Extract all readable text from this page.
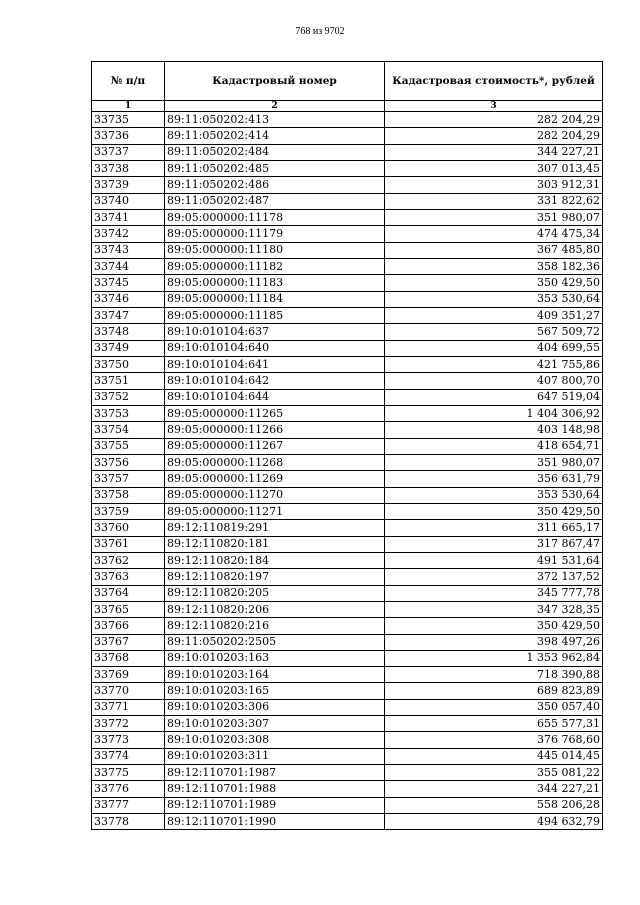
768 из 9702
№ п/п	Кадастровый номер	Кадастровая стоимость*, рублей
1	2	3
33735	89:11:050202:413	282 204,29
33736	89:11:050202:414	282 204,29
33737	89:11:050202:484	344 227,21
33738	89:11:050202:485	307 013,45
33739	89:11:050202:486	303 912,31
33740	89:11:050202:487	331 822,62
33741	89:05:000000:11178	351 980,07
33742	89:05:000000:11179	474 475,34
33743	89:05:000000:11180	367 485,80
33744	89:05:000000:11182	358 182,36
33745	89:05:000000:11183	350 429,50
33746	89:05:000000:11184	353 530,64
33747	89:05:000000:11185	409 351,27
33748	89:10:010104:637	567 509,72
33749	89:10:010104:640	404 699,55
33750	89:10:010104:641	421 755,86
33751	89:10:010104:642	407 800,70
33752	89:10:010104:644	647 519,04
33753	89:05:000000:11265	1 404 306,92
33754	89:05:000000:11266	403 148,98
33755	89:05:000000:11267	418 654,71
33756	89:05:000000:11268	351 980,07
33757	89:05:000000:11269	356 631,79
33758	89:05:000000:11270	353 530,64
33759	89:05:000000:11271	350 429,50
33760	89:12:110819:291	311 665,17
33761	89:12:110820:181	317 867,47
33762	89:12:110820:184	491 531,64
33763	89:12:110820:197	372 137,52
33764	89:12:110820:205	345 777,78
33765	89:12:110820:206	347 328,35
33766	89:12:110820:216	350 429,50
33767	89:11:050202:2505	398 497,26
33768	89:10:010203:163	1 353 962,84
33769	89:10:010203:164	718 390,88
33770	89:10:010203:165	689 823,89
33771	89:10:010203:306	350 057,40
33772	89:10:010203:307	655 577,31
33773	89:10:010203:308	376 768,60
33774	89:10:010203:311	445 014,45
33775	89:12:110701:1987	355 081,22
33776	89:12:110701:1988	344 227,21
33777	89:12:110701:1989	558 206,28
33778	89:12:110701:1990	494 632,79
